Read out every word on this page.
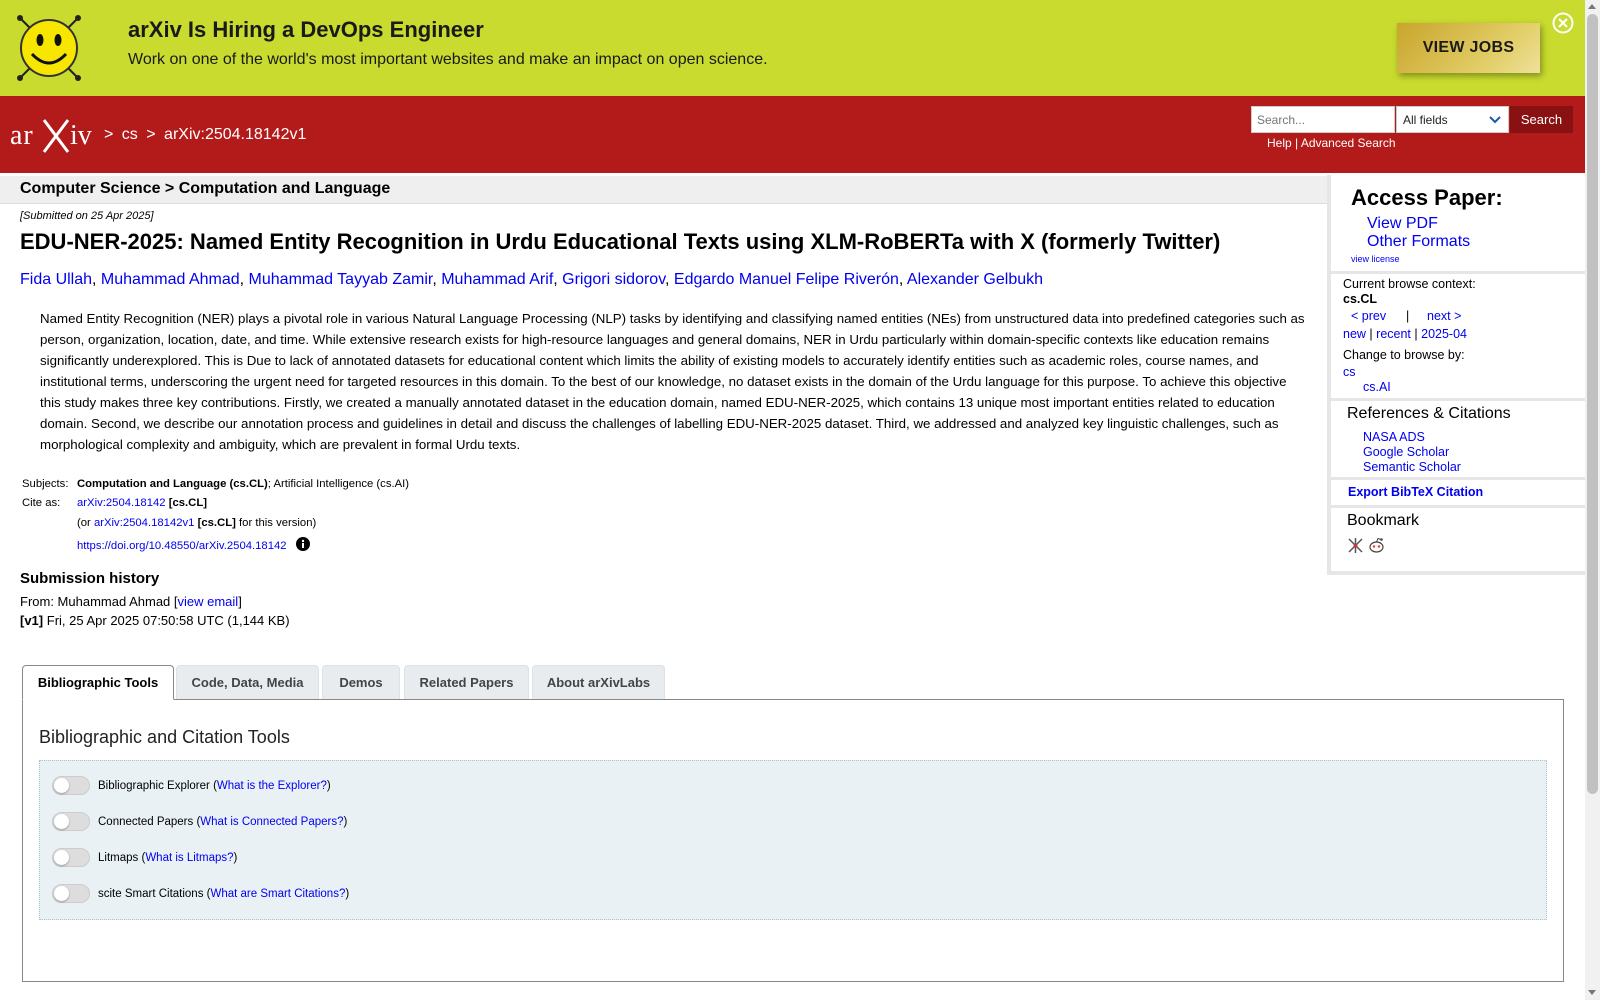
arXiv Is Hiring a DevOps Engineer
Work on one of the world's most important websites and make an impact on open science.
VIEW JOBS
ar iv > cs > arXiv:2504.18142v1
Search...
All fields	Search
Help | Advanced Search
Computer Science > Computation and Language
[Submitted on 25 Apr 2025]
EDU-NER-2025: Named Entity Recognition in Urdu Educational Texts using XLM-RoBERTa with X (formerly Twitter)
Fida Ullah, Muhammad Ahmad, Muhammad Tayyab Zamir, Muhammad Arif, Grigori sidorov, Edgardo Manuel Felipe Riverón, Alexander Gelbukh
Named Entity Recognition (NER) plays a pivotal role in various Natural Language Processing (NLP) tasks by identifying and classifying named entities (NEs) from unstructured data into predefined categories such as person, organization, location, date, and time. While extensive research exists for high-resource languages and general domains, NER in Urdu particularly within domain-specific contexts like education remains significantly underexplored. This is Due to lack of annotated datasets for educational content which limits the ability of existing models to accurately identify entities such as academic roles, course names, and institutional terms, underscoring the urgent need for targeted resources in this domain. To the best of our knowledge, no dataset exists in the domain of the Urdu language for this purpose. To achieve this objective this study makes three key contributions. Firstly, we created a manually annotated dataset in the education domain, named EDU-NER-2025, which contains 13 unique most important entities related to education domain. Second, we describe our annotation process and guidelines in detail and discuss the challenges of labelling EDU-NER-2025 dataset. Third, we addressed and analyzed key linguistic challenges, such as morphological complexity and ambiguity, which are prevalent in formal Urdu texts.
Subjects: Computation and Language (cs.CL); Artificial Intelligence (cs.AI)
Cite as: arXiv:2504.18142 [cs.CL]
(or arXiv:2504.18142v1 [cs.CL] for this version)
https://doi.org/10.48550/arXiv.2504.18142
Submission history
From: Muhammad Ahmad [view email]
[v1] Fri, 25 Apr 2025 07:50:58 UTC (1,144 KB)
Access Paper:
View PDF
Other Formats
view license
Current browse context:
cs.CL
< prev | next >
new | recent | 2025-04
Change to browse by:
cs
cs.AI
References & Citations
NASA ADS
Google Scholar
Semantic Scholar
Export BibTeX Citation
Bookmark
Bibliographic Tools	Code, Data, Media	Demos	Related Papers	About arXivLabs
Bibliographic and Citation Tools
Bibliographic Explorer ( What is the Explorer? )
Connected Papers ( What is Connected Papers? )
Litmaps ( What is Litmaps? )
scite Smart Citations ( What are Smart Citations? )
